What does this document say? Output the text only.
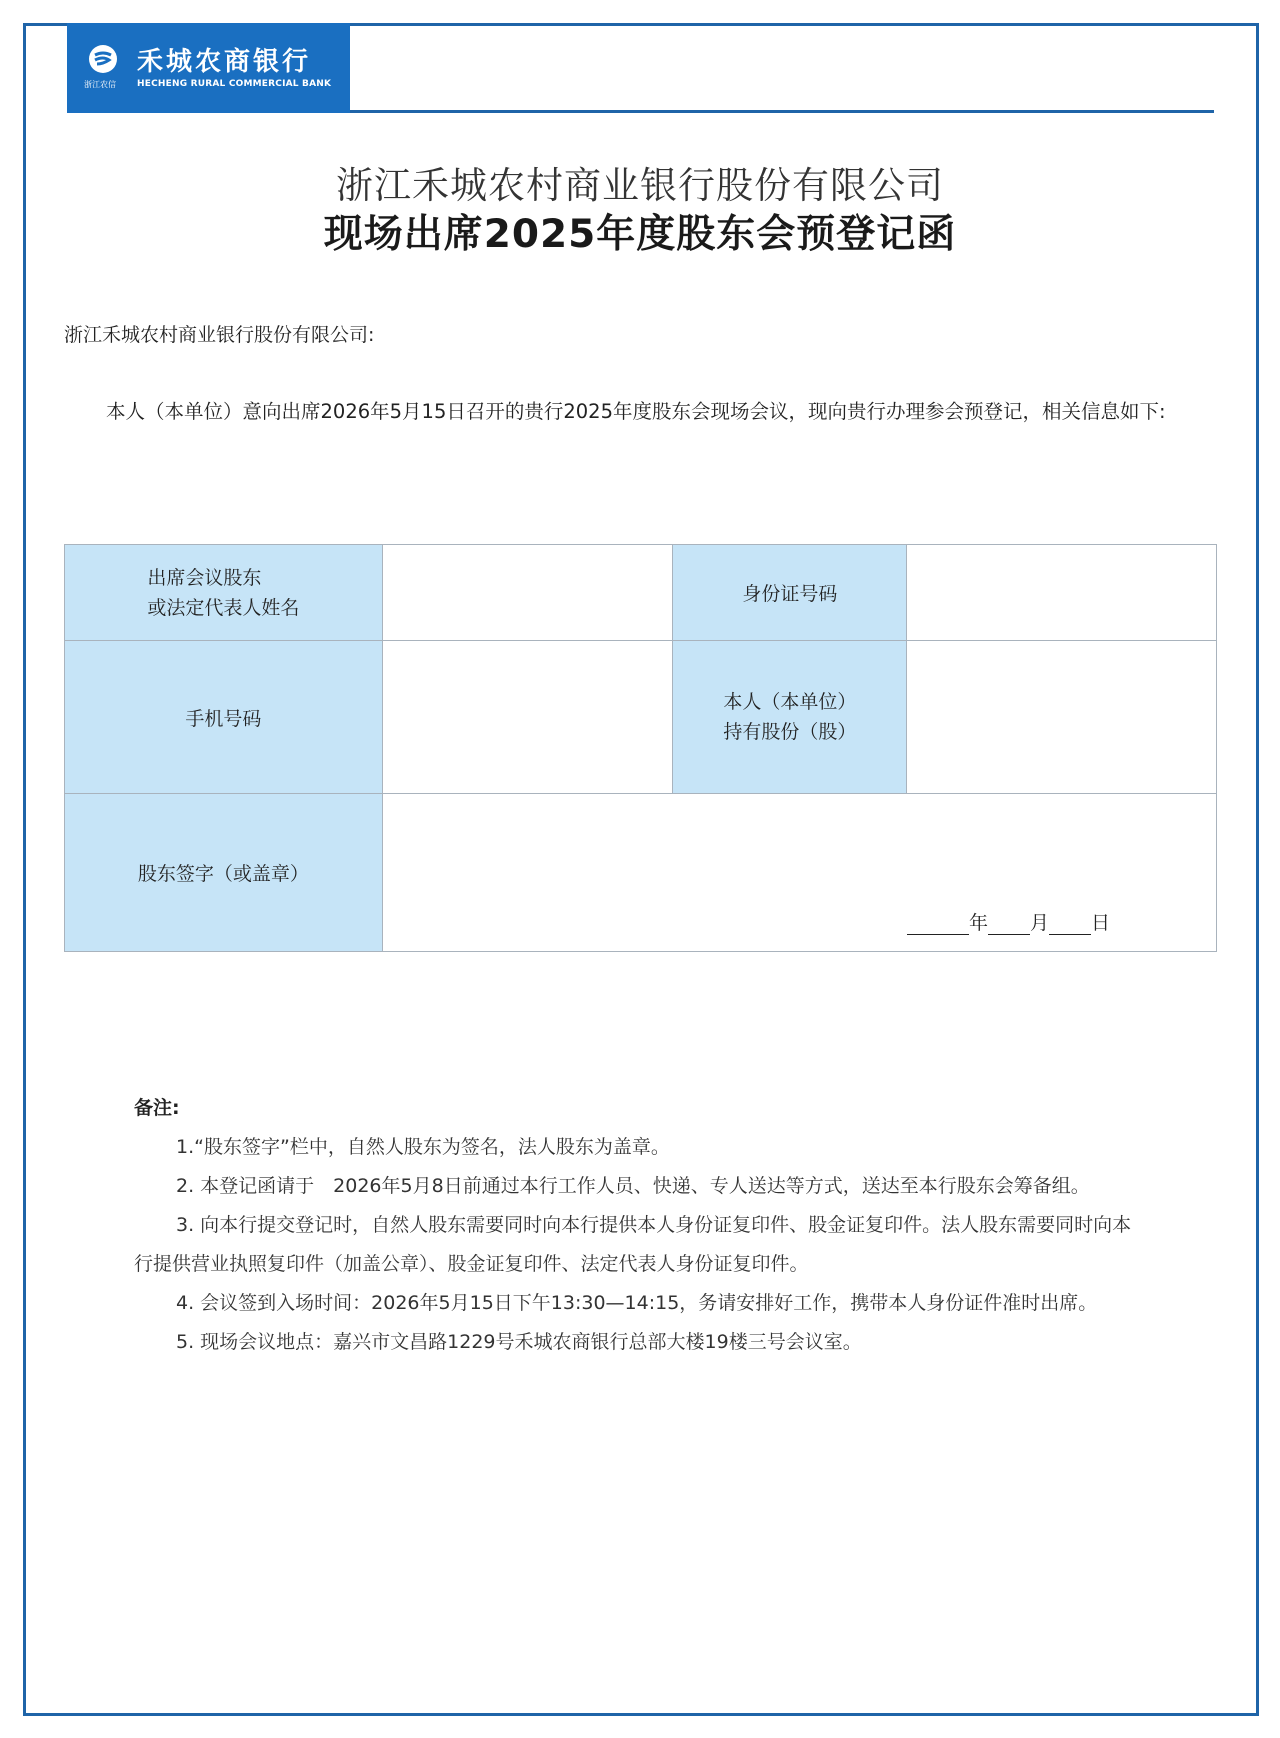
浙江农信
禾城农商银行
HECHENG RURAL COMMERCIAL BANK
浙江禾城农村商业银行股份有限公司
现场出席2025年度股东会预登记函
浙江禾城农村商业银行股份有限公司:
本人（本单位）意向出席2026年5月15日召开的贵行2025年度股东会现场会议，现向贵行办理参会预登记，相关信息如下:
出席会议股东
或法定代表人姓名		身份证号码	
手机号码		本人（本单位）
持有股份（股）	
股东签字（或盖章）	年 月 日		
备注:
1.“股东签字”栏中，自然人股东为签名，法人股东为盖章。
2. 本登记函请于　2026年5月8日前通过本行工作人员、快递、专人送达等方式，送达至本行股东会筹备组。
3. 向本行提交登记时，自然人股东需要同时向本行提供本人身份证复印件、股金证复印件。法人股东需要同时向本行提供营业执照复印件（加盖公章）、股金证复印件、法定代表人身份证复印件。
4. 会议签到入场时间：2026年5月15日下午13:30—14:15，务请安排好工作，携带本人身份证件准时出席。
5. 现场会议地点：嘉兴市文昌路1229号禾城农商银行总部大楼19楼三号会议室。
